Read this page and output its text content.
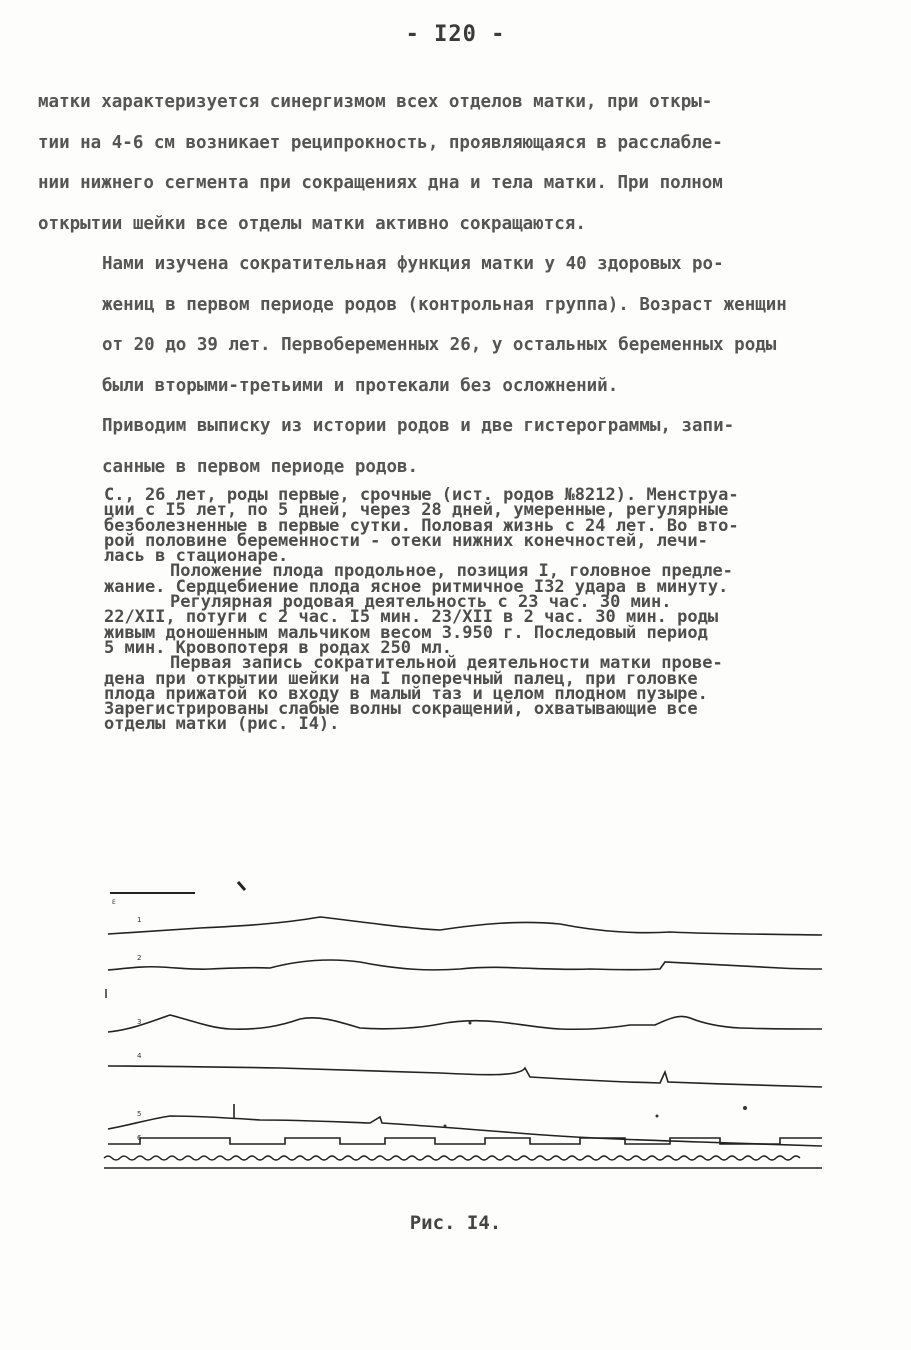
- I20 -

матки характеризуется синергизмом всех отделов матки, при откры-
тии на 4-6 см возникает реципрокность, проявляющаяся в расслабле-
нии нижнего сегмента при сокращениях дна и тела матки. При полном
открытии шейки все отделы матки активно сокращаются.

Нами изучена сократительная функция матки у 40 здоровых ро-
жениц в первом периоде родов (контрольная группа). Возраст женщин
от 20 до 39 лет. Первобеременных 26, у остальных беременных роды
были вторыми-третьими и протекали без осложнений.

Приводим выписку из истории родов и две гистерограммы, запи-
санные в первом периоде родов.

С., 26 лет, роды первые, срочные (ист. родов №8212). Менструа-
ции с I5 лет, по 5 дней, через 28 дней, умеренные, регулярные
безболезненные в первые сутки. Половая жизнь с 24 лет. Во вто-
рой половине беременности - отеки нижних конечностей, лечи-
лась в стационаре.

Положение плода продольное, позиция I, головное предле-
жание. Сердцебиение плода ясное ритмичное I32 удара в минуту.

Регулярная родовая деятельность с 23 час. 30 мин.
22/XII, потуги с 2 час. I5 мин. 23/XII в 2 час. 30 мин. роды
живым доношенным мальчиком весом 3.950 г. Последовый период
5 мин. Кровопотеря в родах 250 мл.

Первая запись сократительной деятельности матки прове-
дена при открытии шейки на I поперечный палец, при головке
плода прижатой ко входу в малый таз и целом плодном пузыре.
Зарегистрированы слабые волны сокращений, охватывающие все
отделы матки (рис. I4).

Е
1
2
3
4
5
6
Рис. I4.
